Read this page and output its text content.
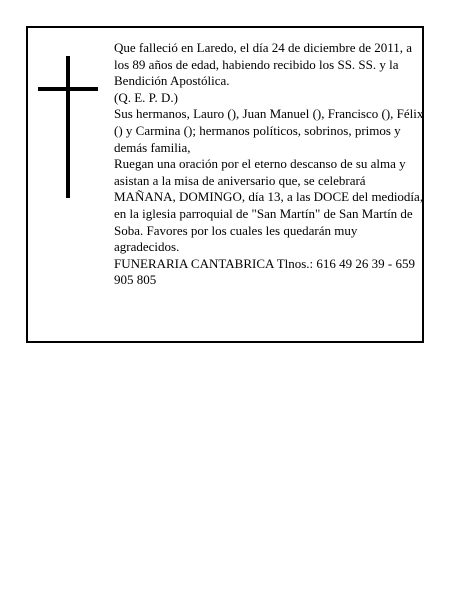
Que falleció en Laredo, el día 24 de diciembre de 2011, a los 89 años de edad, habiendo recibido los SS. SS. y la Bendición Apostólica.

(Q. E. P. D.)

Sus hermanos, Lauro (), Juan Manuel (), Francisco (), Félix () y Carmina (); hermanos políticos, sobrinos, primos y demás familia,

Ruegan una oración por el eterno descanso de su alma y asistan a la misa de aniversario que, se celebrará MAÑANA, DOMINGO, día 13, a las DOCE del mediodía, en la iglesia parroquial de "San Martín" de San Martín de Soba. Favores por los cuales les quedarán muy agradecidos.

FUNERARIA CANTABRICA Tlnos.: 616 49 26 39 - 659 905 805
